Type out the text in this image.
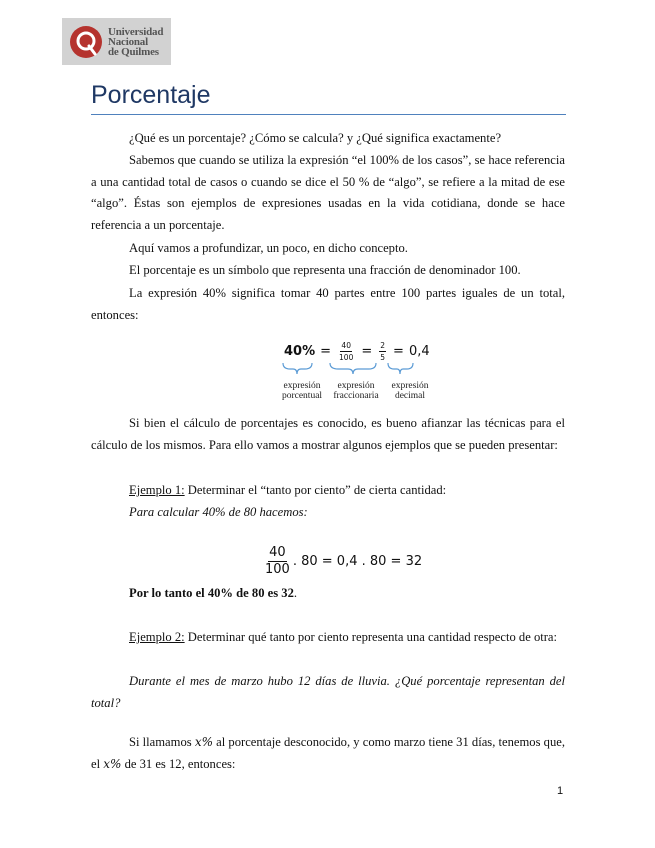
Universidad
Nacional
de Quilmes
Porcentaje

¿Qué es un porcentaje? ¿Cómo se calcula? y ¿Qué significa exactamente?

Sabemos que cuando se utiliza la expresión “el 100% de los casos”, se hace referencia a una cantidad total de casos o cuando se dice el 50 % de “algo”, se refiere a la mitad de ese “algo”. Éstas son ejemplos de expresiones usadas en la vida cotidiana, donde se hace referencia a un porcentaje.

Aquí vamos a profundizar, un poco, en dicho concepto.

El porcentaje es un símbolo que representa una fracción de denominador 100.

La expresión 40% significa tomar 40 partes entre 100 partes iguales de un total, entonces:

$40\% = \frac{40}{100} = \frac{2}{5} = 0,4$
expresión
porcentual
expresión
fraccionaria
expresión
decimal

Si bien el cálculo de porcentajes es conocido, es bueno afianzar las técnicas para el cálculo de los mismos. Para ello vamos a mostrar algunos ejemplos que se pueden presentar:

Ejemplo 1: Determinar el “tanto por ciento” de cierta cantidad:

Para calcular 40% de 80 hacemos:

$\frac{40}{100}$ . 80 = 0,4 . 80 = 32

Por lo tanto el 40% de 80 es 32.

Ejemplo 2: Determinar qué tanto por ciento representa una cantidad respecto de otra:

Durante el mes de marzo hubo 12 días de lluvia. ¿Qué porcentaje representan del total?

Si llamamos x% al porcentaje desconocido, y como marzo tiene 31 días, tenemos que, el x% de 31 es 12, entonces:

1
